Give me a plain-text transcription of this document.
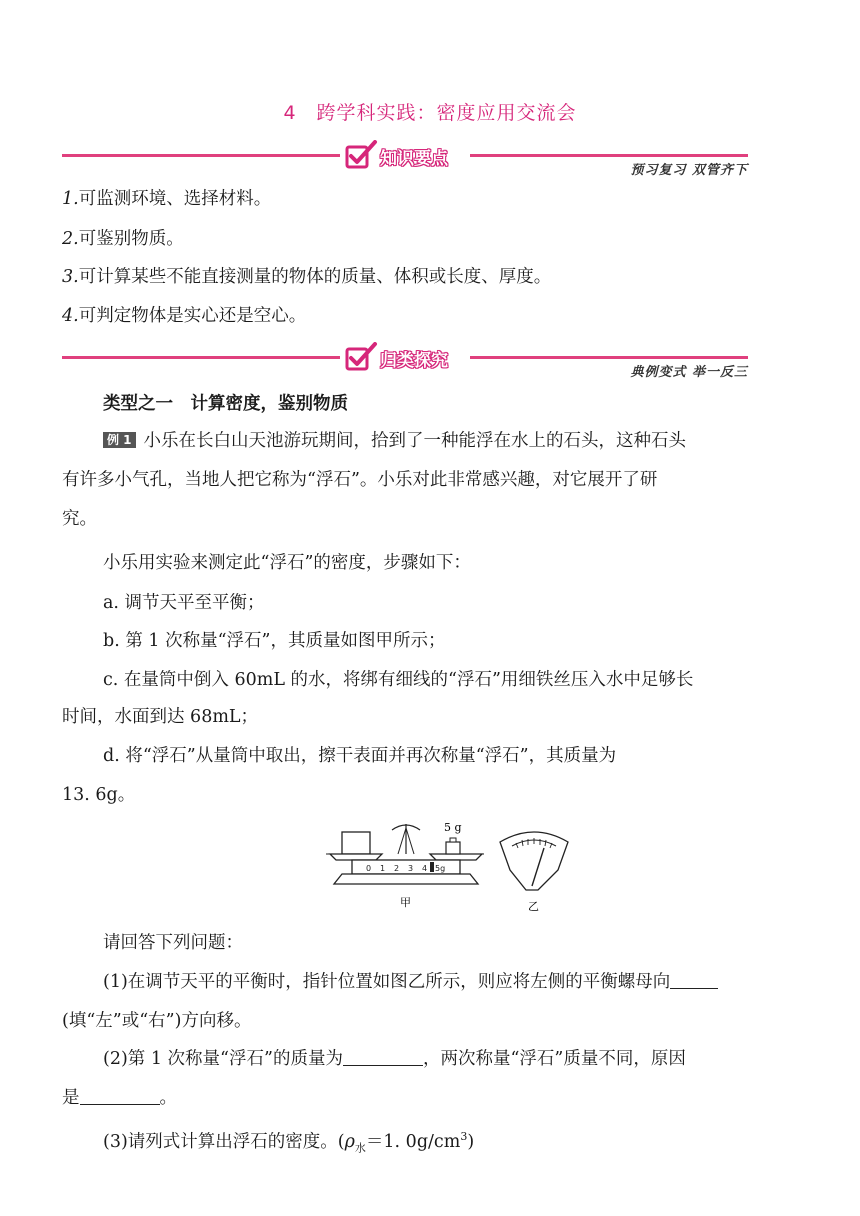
4　跨学科实践：密度应用交流会
知识要点
预习复习 双管齐下
1.可监测环境、选择材料。
2.可鉴别物质。
3.可计算某些不能直接测量的物体的质量、体积或长度、厚度。
4.可判定物体是实心还是空心。
归类探究
典例变式 举一反三
类型之一　计算密度，鉴别物质
例 1 小乐在长白山天池游玩期间，拾到了一种能浮在水上的石头，这种石头
有许多小气孔，当地人把它称为“浮石”。小乐对此非常感兴趣，对它展开了研
究。
小乐用实验来测定此“浮石”的密度，步骤如下：
a. 调节天平至平衡；
b. 第 1 次称量“浮石”，其质量如图甲所示；
c. 在量筒中倒入 60mL 的水，将绑有细线的“浮石”用细铁丝压入水中足够长
时间，水面到达 68mL；
d. 将“浮石”从量筒中取出，擦干表面并再次称量“浮石”，其质量为
13. 6g。
5 g
0 1 2 3 4 5g
甲	乙
请回答下列问题：
(1)在调节天平的平衡时，指针位置如图乙所示，则应将左侧的平衡螺母向
(填“左”或“右”)方向移。
(2)第 1 次称量“浮石”的质量为	，两次称量“浮石”质量不同，原因
是	。
(3)请列式计算出浮石的密度。($\rho_水=1$. $0g/cm^3$)
